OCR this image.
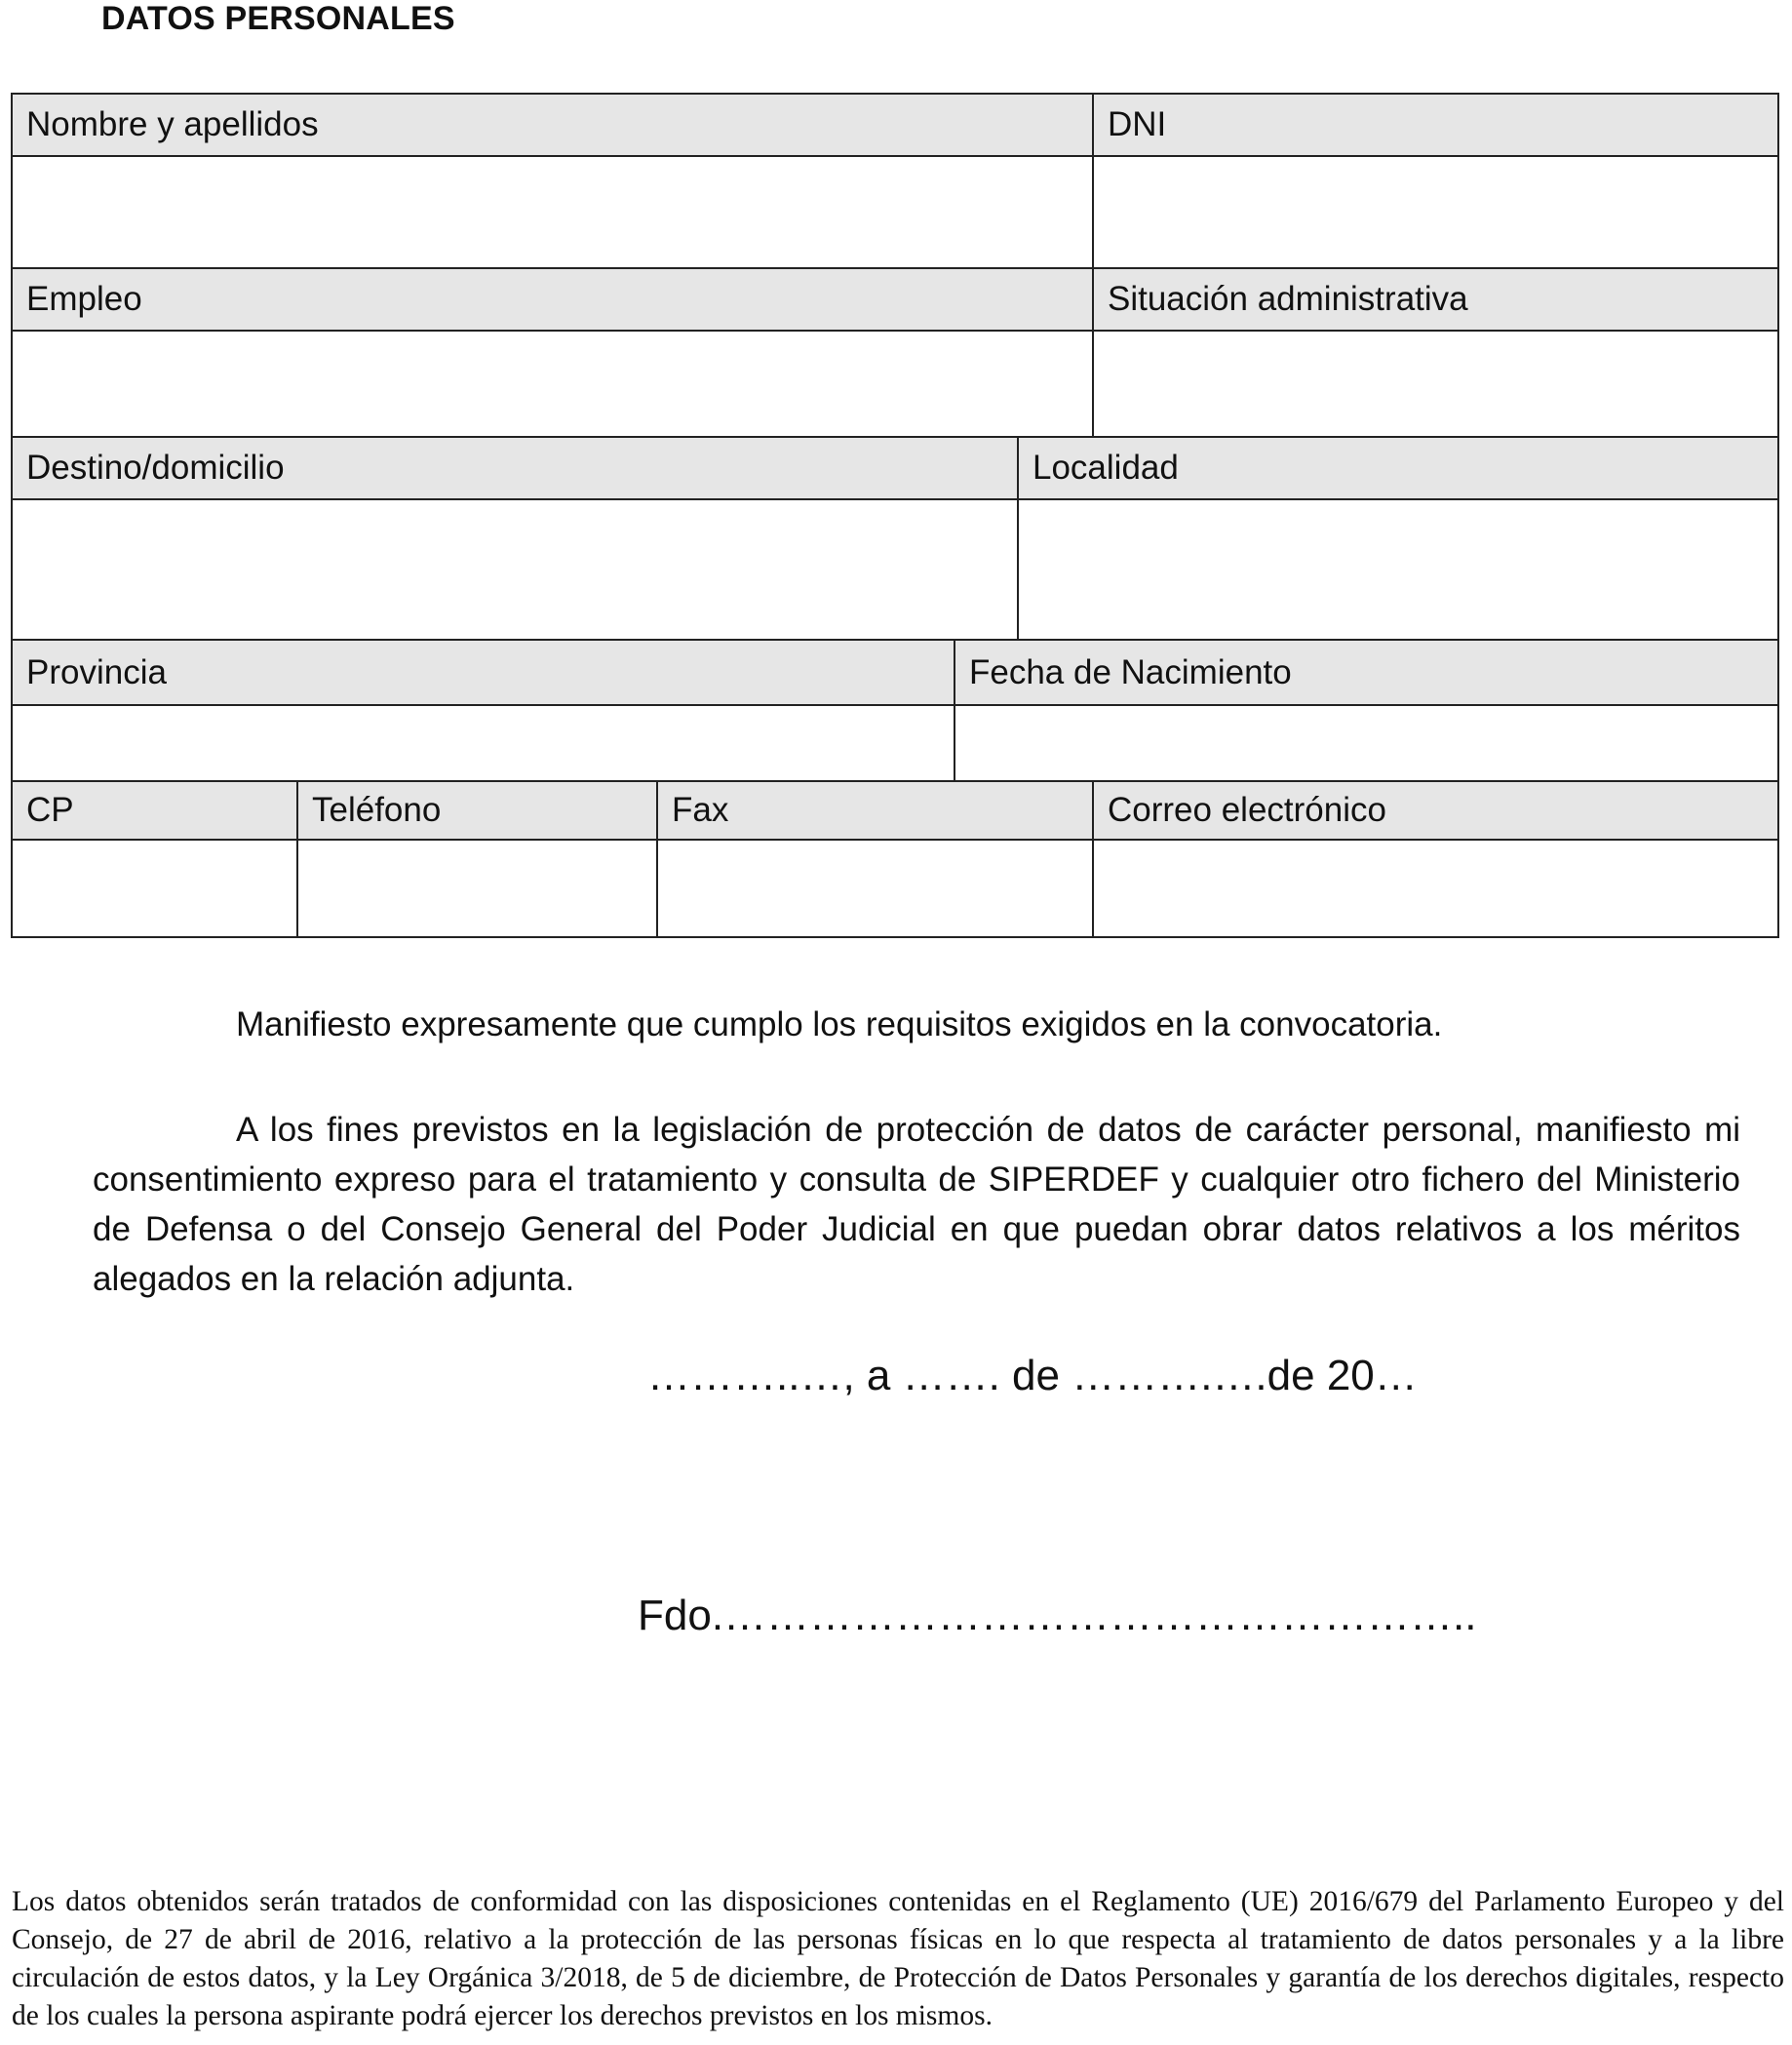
DATOS PERSONALES
Nombre y apellidos	DNI
Empleo	Situación administrativa
Destino/domicilio	Localidad
Provincia	Fecha de Nacimiento
CP	Teléfono	Fax	Correo electrónico

Manifiesto expresamente que cumplo los requisitos exigidos en la convocatoria.

A los fines previstos en la legislación de protección de datos de carácter personal, manifiesto mi consentimiento expreso para el tratamiento y consulta de SIPERDEF y cualquier otro fichero del Ministerio de Defensa o del Consejo General del Poder Judicial en que puedan obrar datos relativos a los méritos alegados en la relación adjunta.

………..…, a ……. de ……….….de 20…
Fdo.……………………………………………..

Los datos obtenidos serán tratados de conformidad con las disposiciones contenidas en el Reglamento (UE) 2016/679 del Parlamento Europeo y del Consejo, de 27 de abril de 2016, relativo a la protección de las personas físicas en lo que respecta al tratamiento de datos personales y a la libre circulación de estos datos, y la Ley Orgánica 3/2018, de 5 de diciembre, de Protección de Datos Personales y garantía de los derechos digitales, respecto de los cuales la persona aspirante podrá ejercer los derechos previstos en los mismos.
